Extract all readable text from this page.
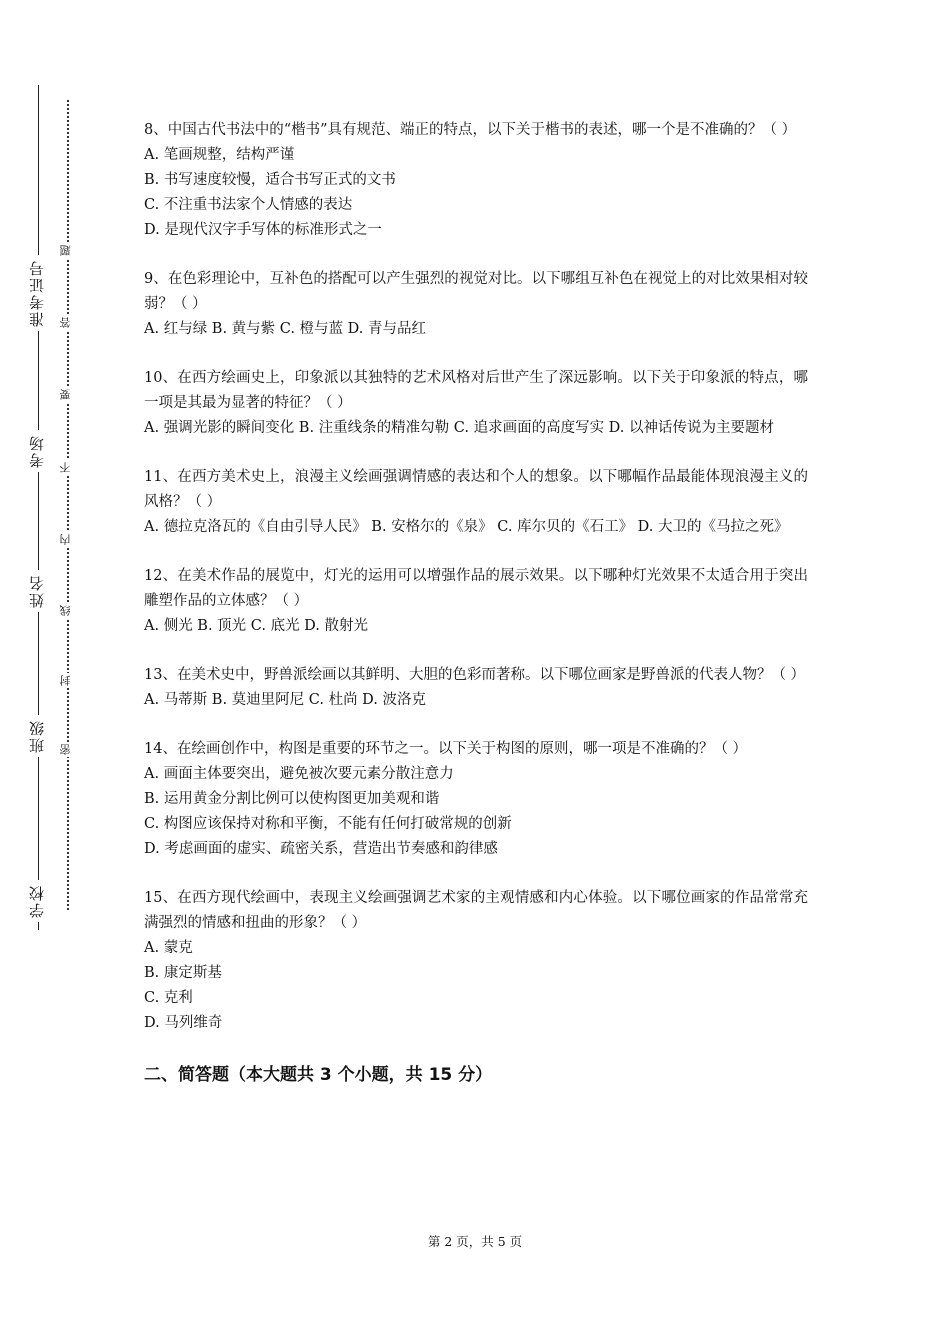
学校
班级
姓名
考场
准考证号
密
封
线
内
不
要
答
题
8、中国古代书法中的“楷书”具有规范、端正的特点，以下关于楷书的表述，哪一个是不准确的？（ ）
A. 笔画规整，结构严谨
B. 书写速度较慢，适合书写正式的文书
C. 不注重书法家个人情感的表达
D. 是现代汉字手写体的标准形式之一
9、在色彩理论中，互补色的搭配可以产生强烈的视觉对比。以下哪组互补色在视觉上的对比效果相对较弱？（ ）
A. 红与绿 B. 黄与紫 C. 橙与蓝 D. 青与品红
10、在西方绘画史上，印象派以其独特的艺术风格对后世产生了深远影响。以下关于印象派的特点，哪一项是其最为显著的特征？（ ）
A. 强调光影的瞬间变化 B. 注重线条的精准勾勒 C. 追求画面的高度写实 D. 以神话传说为主要题材
11、在西方美术史上，浪漫主义绘画强调情感的表达和个人的想象。以下哪幅作品最能体现浪漫主义的风格？（ ）
A. 德拉克洛瓦的《自由引导人民》 B. 安格尔的《泉》 C. 库尔贝的《石工》 D. 大卫的《马拉之死》
12、在美术作品的展览中，灯光的运用可以增强作品的展示效果。以下哪种灯光效果不太适合用于突出雕塑作品的立体感？（ ）
A. 侧光 B. 顶光 C. 底光 D. 散射光
13、在美术史中，野兽派绘画以其鲜明、大胆的色彩而著称。以下哪位画家是野兽派的代表人物？（ ）
A. 马蒂斯 B. 莫迪里阿尼 C. 杜尚 D. 波洛克
14、在绘画创作中，构图是重要的环节之一。以下关于构图的原则，哪一项是不准确的？（ ）
A. 画面主体要突出，避免被次要元素分散注意力
B. 运用黄金分割比例可以使构图更加美观和谐
C. 构图应该保持对称和平衡，不能有任何打破常规的创新
D. 考虑画面的虚实、疏密关系，营造出节奏感和韵律感
15、在西方现代绘画中，表现主义绘画强调艺术家的主观情感和内心体验。以下哪位画家的作品常常充满强烈的情感和扭曲的形象？（ ）
A. 蒙克
B. 康定斯基
C. 克利
D. 马列维奇
二、简答题（本大题共 3 个小题，共 15 分）
第 2 页，共 5 页
